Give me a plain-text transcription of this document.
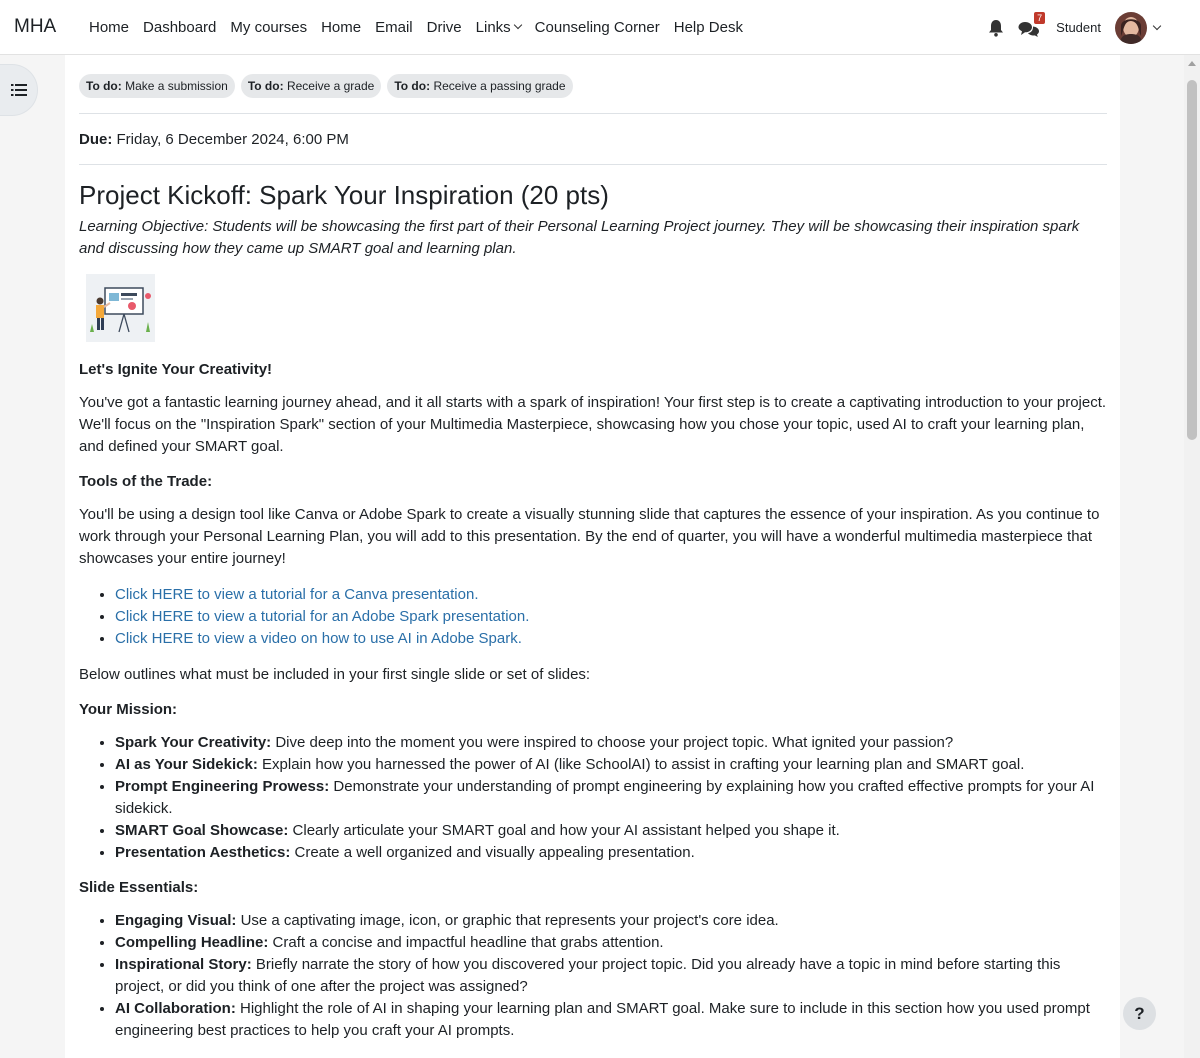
MHA	Home Dashboard My courses Home Email Drive Links	Counseling Corner Help Desk
7
Student
To do: Make a submission	To do: Receive a grade	To do: Receive a passing grade
Due: Friday, 6 December 2024, 6:00 PM
Project Kickoff: Spark Your Inspiration (20 pts)

Learning Objective: Students will be showcasing the first part of their Personal Learning Project journey. They will be showcasing their inspiration spark and discussing how they came up SMART goal and learning plan.

Let's Ignite Your Creativity!

You've got a fantastic learning journey ahead, and it all starts with a spark of inspiration! Your first step is to create a captivating introduction to your project. We'll focus on the "Inspiration Spark" section of your Multimedia Masterpiece, showcasing how you chose your topic, used AI to craft your learning plan, and defined your SMART goal.

Tools of the Trade:

You'll be using a design tool like Canva or Adobe Spark to create a visually stunning slide that captures the essence of your inspiration. As you continue to work through your Personal Learning Plan, you will add to this presentation. By the end of quarter, you will have a wonderful multimedia masterpiece that showcases your entire journey!

• Click HERE to view a tutorial for a Canva presentation.
• Click HERE to view a tutorial for an Adobe Spark presentation.
• Click HERE to view a video on how to use AI in Adobe Spark.

Below outlines what must be included in your first single slide or set of slides:

Your Mission:
• Spark Your Creativity: Dive deep into the moment you were inspired to choose your project topic. What ignited your passion?
• AI as Your Sidekick: Explain how you harnessed the power of AI (like SchoolAI) to assist in crafting your learning plan and SMART goal.
• Prompt Engineering Prowess: Demonstrate your understanding of prompt engineering by explaining how you crafted effective prompts for your AI sidekick.
• SMART Goal Showcase: Clearly articulate your SMART goal and how your AI assistant helped you shape it.
• Presentation Aesthetics: Create a well organized and visually appealing presentation.
Slide Essentials:
• Engaging Visual: Use a captivating image, icon, or graphic that represents your project's core idea.
• Compelling Headline: Craft a concise and impactful headline that grabs attention.
• Inspirational Story: Briefly narrate the story of how you discovered your project topic. Did you already have a topic in mind before starting this project, or did you think of one after the project was assigned?
• AI Collaboration: Highlight the role of AI in shaping your learning plan and SMART goal. Make sure to include in this section how you used prompt engineering best practices to help you craft your AI prompts.
?
